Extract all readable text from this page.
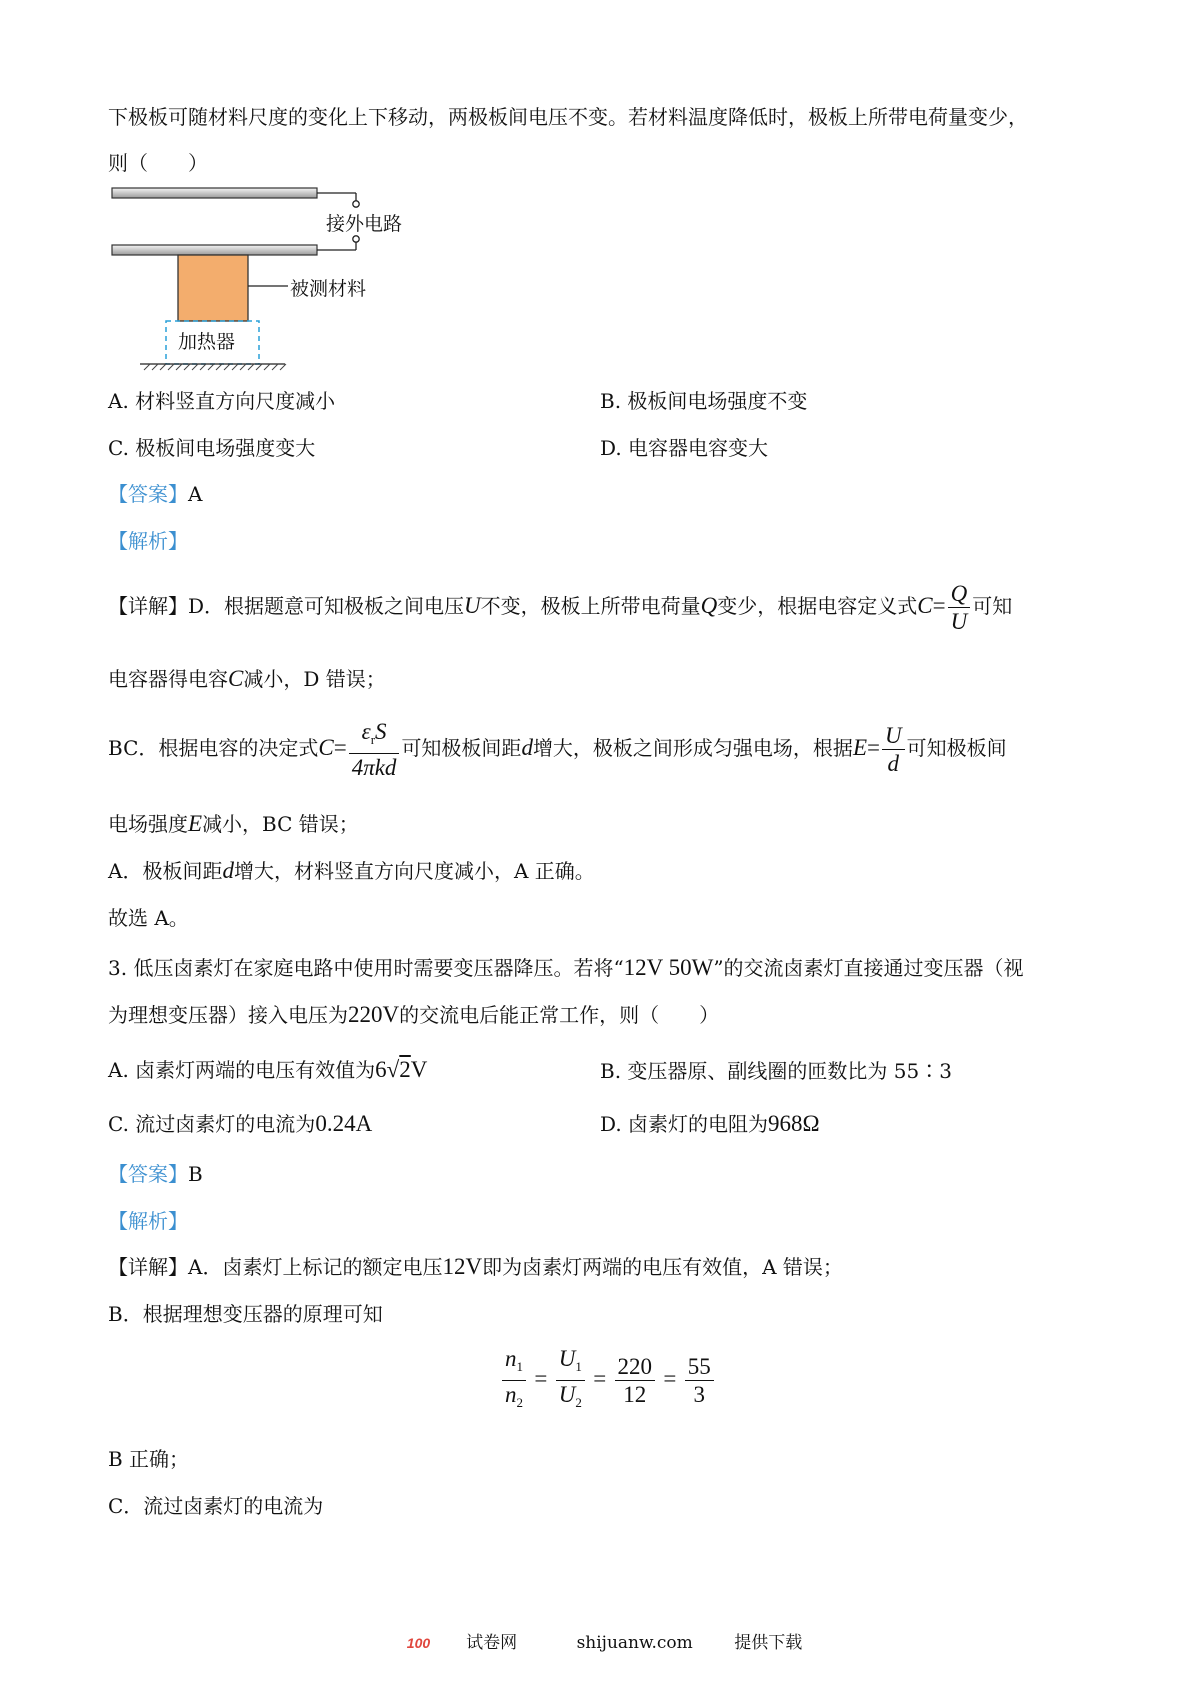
下极板可随材料尺度的变化上下移动，两极板间电压不变。若材料温度降低时，极板上所带电荷量变少，
则（　　）
接外电路
被测材料
加热器
A. 材料竖直方向尺度减小	B. 极板间电场强度不变
C. 极板间电场强度变大	D. 电容器电容变大
【答案】A
【解析】
【详解】D．根据题意可知极板之间电压U不变，极板上所带电荷量Q变少，根据电容定义式$C= \frac{Q}{U}$ 可知
电容器得电容C减小，D 错误；
BC．根据电容的决定式$C= \frac{\varepsilon_rS}{\text{4πkd}}$ 可知极板间距d增大，极板之间形成匀强电场，根据$E= \frac{U}{d}$ 可知极板间
电场强度E减小，BC 错误；
A．极板间距d增大，材料竖直方向尺度减小，A 正确。
故选 A。
3. 低压卤素灯在家庭电路中使用时需要变压器降压。若将“12V 50W”的交流卤素灯直接通过变压器（视
为理想变压器）接入电压为220V的交流电后能正常工作，则（　　）
A. 卤素灯两端的电压有效值为6√2V	B. 变压器原、副线圈的匝数比为 55∶3
C. 流过卤素灯的电流为0.24A	D. 卤素灯的电阻为968Ω
【答案】B
【解析】
【详解】A．卤素灯上标记的额定电压12V即为卤素灯两端的电压有效值，A 错误；
B．根据理想变压器的原理可知
$\frac{n_1}{n_2} = \frac{U_1}{U_2} = \frac{220}{12} = \frac{55}{3}$
B 正确；
C．流过卤素灯的电流为
100 试卷网	shijuanw.com 提供下载
